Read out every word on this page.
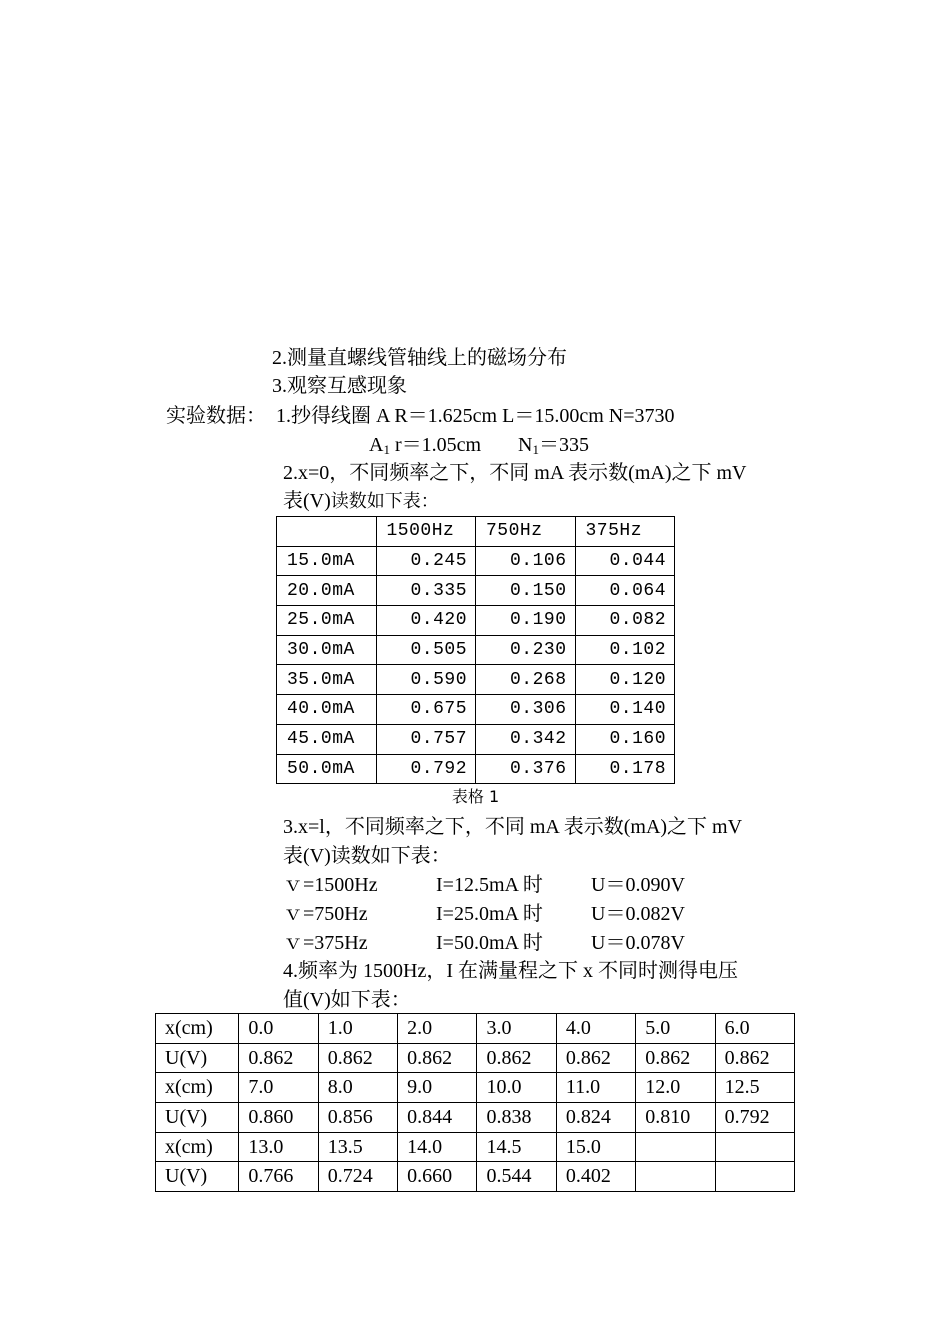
2.测量直螺线管轴线上的磁场分布
3.观察互感现象
实验数据： 1.抄得线圈 A R＝1.625cm L＝15.00cm N=3730
A1 r＝1.05cm N1＝335
2.x=0，不同频率之下，不同 mA 表示数(mA)之下 mV
表(V)读数如下表：
	1500Hz	750Hz	375Hz
15.0mA	0.245	0.106	0.044
20.0mA	0.335	0.150	0.064
25.0mA	0.420	0.190	0.082
30.0mA	0.505	0.230	0.102
35.0mA	0.590	0.268	0.120
40.0mA	0.675	0.306	0.140
45.0mA	0.757	0.342	0.160
50.0mA	0.792	0.376	0.178
表格 1
3.x=l，不同频率之下，不同 mA 表示数(mA)之下 mV
表(V)读数如下表：
ｖ=1500Hz	I=12.5mA 时 U＝0.090V
ｖ=750Hz	I=25.0mA 时 U＝0.082V
ｖ=375Hz	I=50.0mA 时 U＝0.078V
4.频率为 1500Hz，I 在满量程之下 x 不同时测得电压
值(V)如下表：
x(cm)	0.0	1.0	2.0	3.0	4.0	5.0	6.0
U(V)	0.862	0.862	0.862	0.862	0.862	0.862	0.862
x(cm)	7.0	8.0	9.0	10.0	11.0	12.0	12.5
U(V)	0.860	0.856	0.844	0.838	0.824	0.810	0.792
x(cm)	13.0	13.5	14.0	14.5	15.0		
U(V)	0.766	0.724	0.660	0.544	0.402		
